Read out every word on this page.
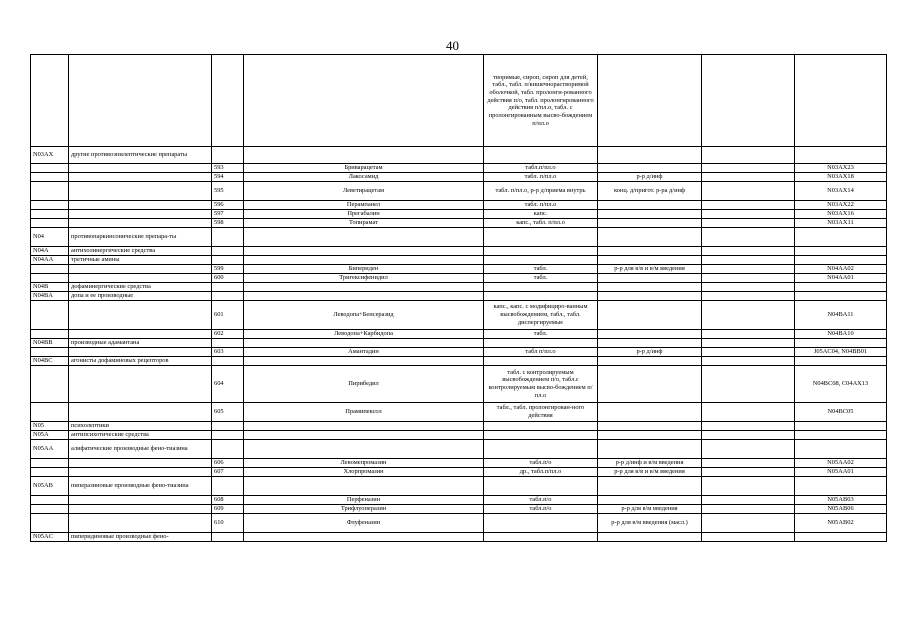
40
				творимые, сироп, сироп для детей, табл., табл. п/кишечнорастворимой оболочкой, табл. пролонги-рованного действия п/о, табл. пролонгированного действия п/пл.о, табл. с пролонгированным высво-бождением п/пл.о			
N03AX	другие противоэпилептические препараты						
		593	Бриварацетам	табл.п/пл.о			N03AX23
		594	Лакосамид	табл. п/пл.о	р-р д/инф		N03AX18
		595	Леветирацетам	табл. п/пл.о, р-р д/приема внутрь	конц. д/пригот. р-ра д/инф		N03AX14
		596	Перампанел	табл. п/пл.о			N03AX22
		597	Прегабалин	капс.			N03AX16
		598	Топирамат	капс., табл. п/пл.о			N03AX11
N04	противопаркинсонические препара-ты						
N04A	антихолинергические средства						
N04AA	третичные амины						
		599	Бипериден	табл.	р-р для в/в и в/м введения		N04AA02
		600	Тригексифенидил	табл.			N04AA01
N04B	дофаминергические средства						
N04BA	допа и ее производные						
		601	Леводопа+Бенсеразид	капс., капс. с модифициро-ванным высвобождением, табл., табл. диспергируемые			N04BA11
		602	Леводопа+Карбидопа	табл.			N04BA10
N04BB	производные адамантана						
		603	Амантадин	табл п/пл.о	р-р д/инф		J05AC04, N04BB01
N04BC	агонисты дофаминовых рецепторов						
		604	Пирибедил	табл. с контролируемым высвобождением п/о, табл.с контролируемым высво-бождением п/пл.о			N04BC08, C04AX13
		605	Прамипексол	табл., табл. пролонгирован-ного действия			N04BC05
N05	психолептики						
N05A	антипсихотические средства						
N05AA	алифатические производные фено-тиазина						
		606	Левомепромазин	табл.п/о	р-р д/инф и в/м введения		N05AA02
		607	Хлорпромазин	др., табл.п/пл.о	р-р для в/в и в/м введения		N05AA01
N05AB	пиперазиновые производные фено-тиазина						
		608	Перфеназин	табл.п/о			N05AB03
		609	Трифлуоперазин	табл.п/о	р-р для в/м введения		N05AB06
		610	Флуфеназин		р-р для в/м введения (масл.)		N05AB02
N05AC	пиперидиновые производные фено-						
